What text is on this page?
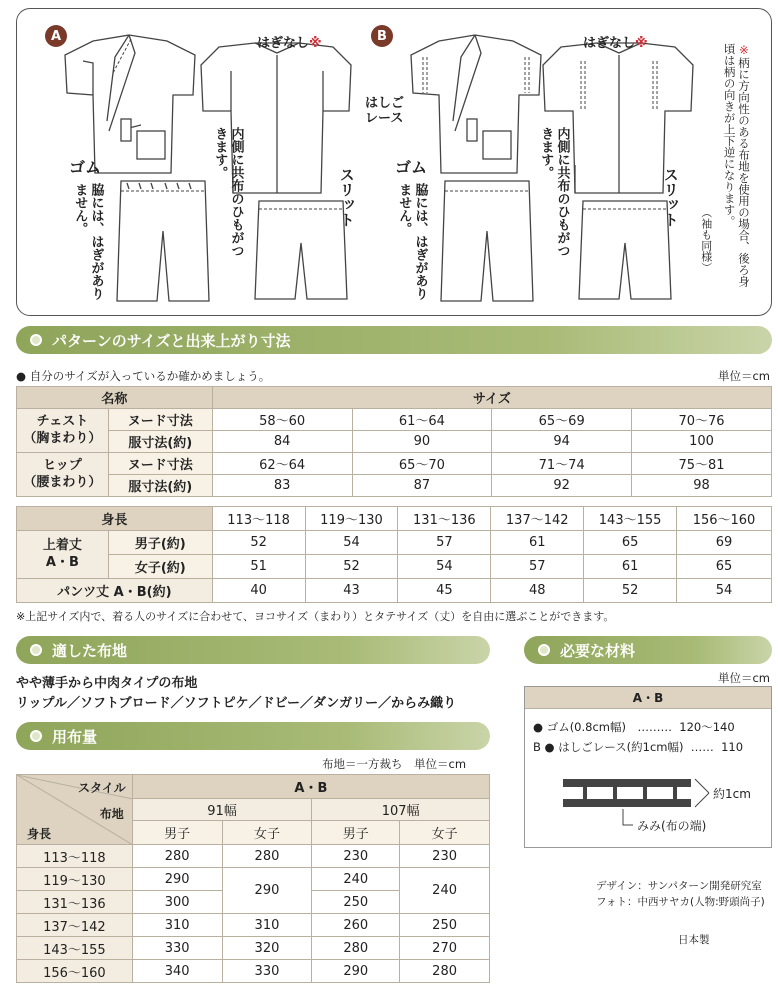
A	B
はぎなし※
内側に共布のひもがつきます。
ゴム
脇には、はぎがありません。	スリット
はぎなし※
はしごレース
内側に共布のひもがつきます。
ゴム
脇には、はぎがありません。	スリット
※柄に方向性のある布地を使用の場合、後ろ身頃は柄の向きが上下逆になります。
（袖も同様）
パターンのサイズと出来上がり寸法
● 自分のサイズが入っているか確かめましょう。	単位＝cm
名称		サイズ			
チェスト
（胸まわり）	ヌード寸法	58〜60	61〜64	65〜69	70〜76
	服寸法(約)	84	90	94	100
ヒップ
（腰まわり）	ヌード寸法	62〜64	65〜70	71〜74	75〜81
	服寸法(約)	83	87	92	98
身長		113〜118	119〜130	131〜136	137〜142	143〜155	156〜160
上着丈
A・B	男子(約)	52	54	57	61	65	69
	女子(約)	51	52	54	57	61	65
パンツ丈 A・B(約)		40	43	45	48	52	54
※上記サイズ内で、着る人のサイズに合わせて、ヨコサイズ（まわり）とタテサイズ（丈）を自由に選ぶことができます。
適した布地
やや薄手から中肉タイプの布地
リップル／ソフトブロード／ソフトピケ／ドビー／ダンガリー／からみ織り
用布量
布地＝一方裁ち　単位＝cm
スタイル
布地
身長	A・B			
	91幅		107幅	
	男子	女子	男子	女子
113〜118	280	280	230	230
119〜130	290	290	240	240
131〜136	300		250	
137〜142	310	310	260	250
143〜155	330	320	280	270
156〜160	340	330	290	280
必要な材料
単位＝cm
A・B
● ゴム(0.8cm幅)　………  120〜140
B ● はしごレース(約1cm幅)  ……  110
約1cm
みみ(布の端)
デザイン：サンパターン開発研究室
フォト：中西サヤカ(人物:野頭尚子)
日本製
